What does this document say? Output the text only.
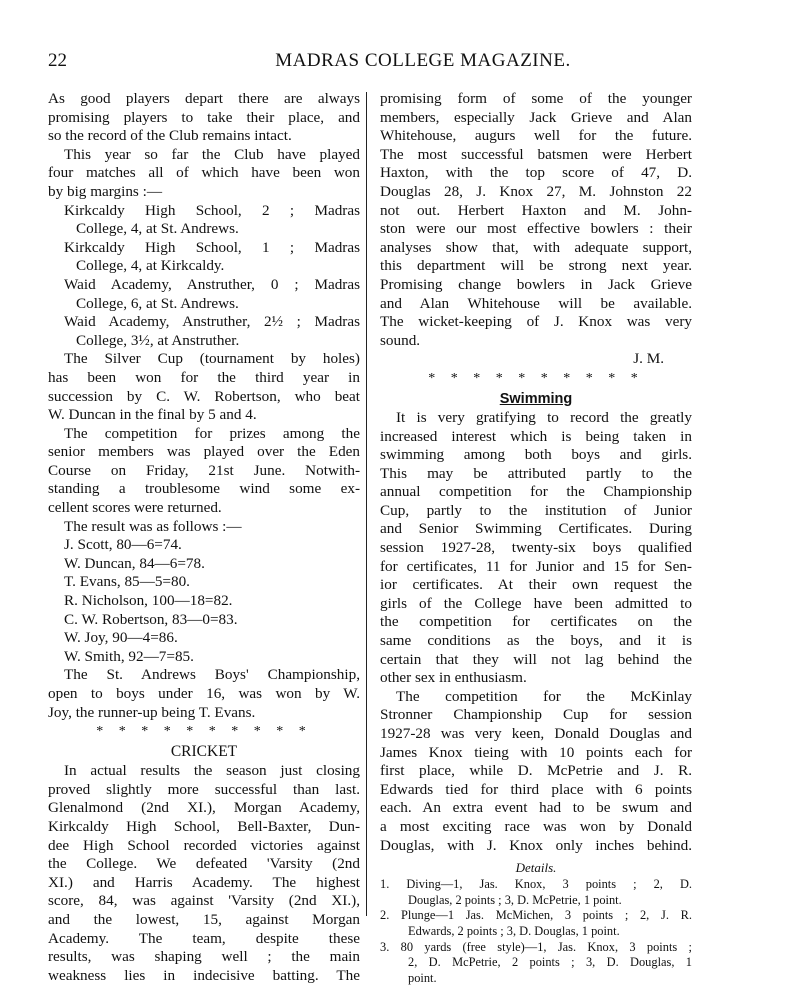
22	MADRAS COLLEGE MAGAZINE.
As good players depart there are always
promising players to take their place, and
so the record of the Club remains intact.
This year so far the Club have played
four matches all of which have been won
by big margins :—
Kirkcaldy High School, 2 ; Madras
College, 4, at St. Andrews.
Kirkcaldy High School, 1 ; Madras
College, 4, at Kirkcaldy.
Waid Academy, Anstruther, 0 ; Madras
College, 6, at St. Andrews.
Waid Academy, Anstruther, 2½ ; Madras
College, 3½, at Anstruther.
The Silver Cup (tournament by holes)
has been won for the third year in
succession by C. W. Robertson, who beat
W. Duncan in the final by 5 and 4.
The competition for prizes among the
senior members was played over the Eden
Course on Friday, 21st June. Notwith-
standing a troublesome wind some ex-
cellent scores were returned.
The result was as follows :—
J. Scott, 80—6=74.
W. Duncan, 84—6=78.
T. Evans, 85—5=80.
R. Nicholson, 100—18=82.
C. W. Robertson, 83—0=83.
W. Joy, 90—4=86.
W. Smith, 92—7=85.
The St. Andrews Boys' Championship,
open to boys under 16, was won by W.
Joy, the runner-up being T. Evans.
* * * * * * * * * *
CRICKET
In actual results the season just closing
proved slightly more successful than last.
Glenalmond (2nd XI.), Morgan Academy,
Kirkcaldy High School, Bell-Baxter, Dun-
dee High School recorded victories against
the College. We defeated 'Varsity (2nd
XI.) and Harris Academy. The highest
score, 84, was against 'Varsity (2nd XI.),
and the lowest, 15, against Morgan
Academy. The team, despite these
results, was shaping well ; the main
weakness lies in indecisive batting. The
promising form of some of the younger
members, especially Jack Grieve and Alan
Whitehouse, augurs well for the future.
The most successful batsmen were Herbert
Haxton, with the top score of 47, D.
Douglas 28, J. Knox 27, M. Johnston 22
not out. Herbert Haxton and M. John-
ston were our most effective bowlers : their
analyses show that, with adequate support,
this department will be strong next year.
Promising change bowlers in Jack Grieve
and Alan Whitehouse will be available.
The wicket-keeping of J. Knox was very
sound.
J. M.
* * * * * * * * * *
Swimming
It is very gratifying to record the greatly
increased interest which is being taken in
swimming among both boys and girls.
This may be attributed partly to the
annual competition for the Championship
Cup, partly to the institution of Junior
and Senior Swimming Certificates. During
session 1927-28, twenty-six boys qualified
for certificates, 11 for Junior and 15 for Sen-
ior certificates. At their own request the
girls of the College have been admitted to
the competition for certificates on the
same conditions as the boys, and it is
certain that they will not lag behind the
other sex in enthusiasm.
The competition for the McKinlay
Stronner Championship Cup for session
1927-28 was very keen, Donald Douglas and
James Knox tieing with 10 points each for
first place, while D. McPetrie and J. R.
Edwards tied for third place with 6 points
each. An extra event had to be swum and
a most exciting race was won by Donald
Douglas, with J. Knox only inches behind.
Details.
1. Diving—1, Jas. Knox, 3 points ; 2, D.
Douglas, 2 points ; 3, D. McPetrie, 1 point.
2. Plunge—1 Jas. McMichen, 3 points ; 2, J. R.
Edwards, 2 points ; 3, D. Douglas, 1 point.
3. 80 yards (free style)—1, Jas. Knox, 3 points ;
2, D. McPetrie, 2 points ; 3, D. Douglas, 1
point.
